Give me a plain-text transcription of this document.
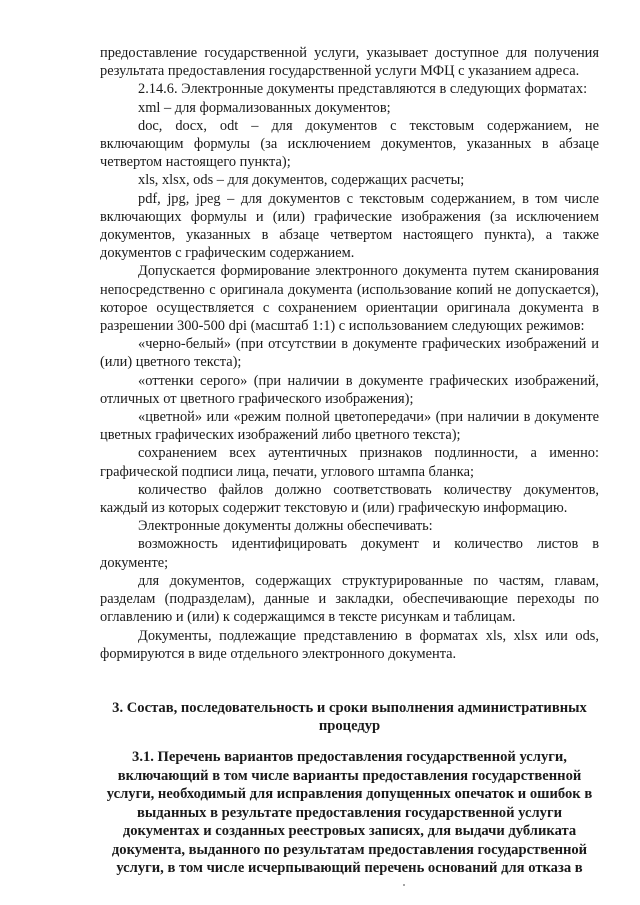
предоставление государственной услуги, указывает доступное для получения результата предоставления государственной услуги МФЦ с указанием адреса.

2.14.6. Электронные документы представляются в следующих форматах:

xml – для формализованных документов;

doc, docx, odt – для документов с текстовым содержанием, не включающим формулы (за исключением документов, указанных в абзаце четвертом настоящего пункта);

xls, xlsx, ods – для документов, содержащих расчеты;

pdf, jpg, jpeg – для документов с текстовым содержанием, в том числе включающих формулы и (или) графические изображения (за исключением документов, указанных в абзаце четвертом настоящего пункта), а также документов с графическим содержанием.

Допускается формирование электронного документа путем сканирования непосредственно с оригинала документа (использование копий не допускается), которое осуществляется с сохранением ориентации оригинала документа в разрешении 300-500 dpi (масштаб 1:1) с использованием следующих режимов:

«черно-белый» (при отсутствии в документе графических изображений и (или) цветного текста);

«оттенки серого» (при наличии в документе графических изображений, отличных от цветного графического изображения);

«цветной» или «режим полной цветопередачи» (при наличии в документе цветных графических изображений либо цветного текста);

сохранением всех аутентичных признаков подлинности, а именно: графической подписи лица, печати, углового штампа бланка;

количество файлов должно соответствовать количеству документов, каждый из которых содержит текстовую и (или) графическую информацию.

Электронные документы должны обеспечивать:

возможность идентифицировать документ и количество листов в документе;

для документов, содержащих структурированные по частям, главам, разделам (подразделам), данные и закладки, обеспечивающие переходы по оглавлению и (или) к содержащимся в тексте рисункам и таблицам.

Документы, подлежащие представлению в форматах xls, xlsx или ods, формируются в виде отдельного электронного документа.

3. Состав, последовательность и сроки выполнения административных процедур
3.1. Перечень вариантов предоставления государственной услуги, включающий в том числе варианты предоставления государственной услуги, необходимый для исправления допущенных опечаток и ошибок в выданных в результате предоставления государственной услуги документах и созданных реестровых записях, для выдачи дубликата документа, выданного по результатам предоставления государственной услуги, в том числе исчерпывающий перечень оснований для отказа в
